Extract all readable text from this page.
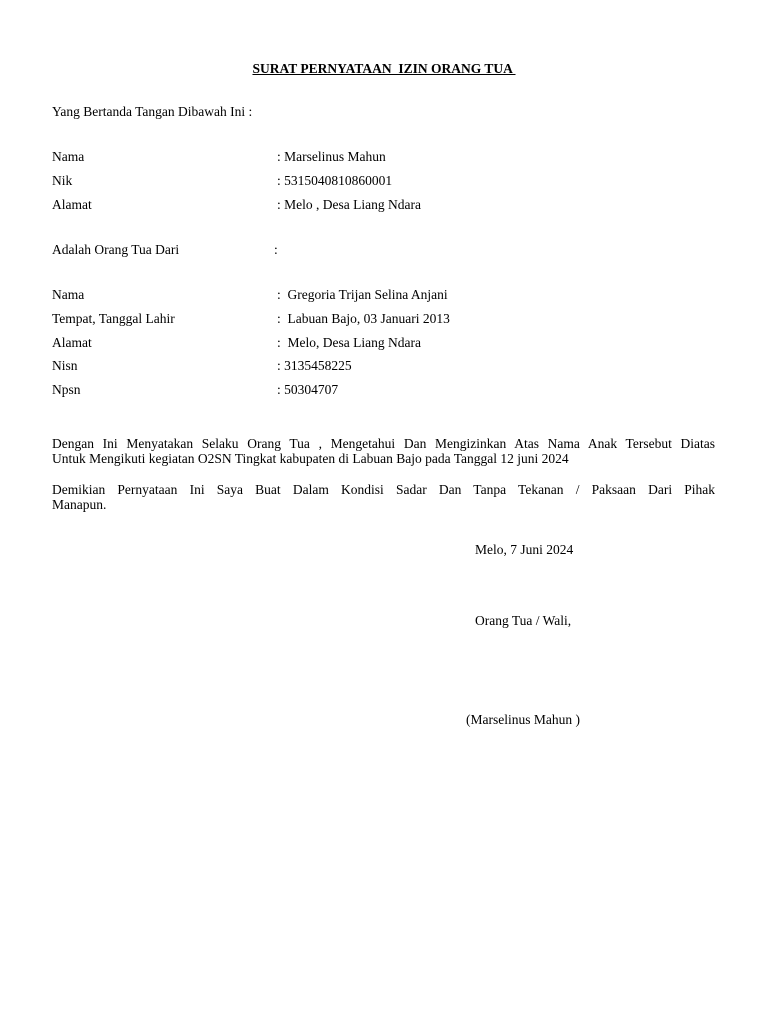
SURAT PERNYATAAN  IZIN ORANG TUA
Yang Bertanda Tangan Dibawah Ini :
Nama	: Marselinus Mahun
Nik	: 5315040810860001
Alamat	: Melo , Desa Liang Ndara
Adalah Orang Tua Dari	:
Nama	:  Gregoria Trijan Selina Anjani
Tempat, Tanggal Lahir	:  Labuan Bajo, 03 Januari 2013
Alamat	:  Melo, Desa Liang Ndara
Nisn	: 3135458225
Npsn	: 50304707
Dengan Ini Menyatakan Selaku Orang Tua , Mengetahui Dan Mengizinkan Atas Nama Anak Tersebut Diatas
Untuk Mengikuti kegiatan O2SN Tingkat kabupaten di Labuan Bajo pada Tanggal 12 juni 2024
Demikian Pernyataan Ini Saya Buat Dalam Kondisi Sadar Dan Tanpa Tekanan / Paksaan Dari Pihak
Manapun.
Melo, 7 Juni 2024
Orang Tua / Wali,
(Marselinus Mahun )
